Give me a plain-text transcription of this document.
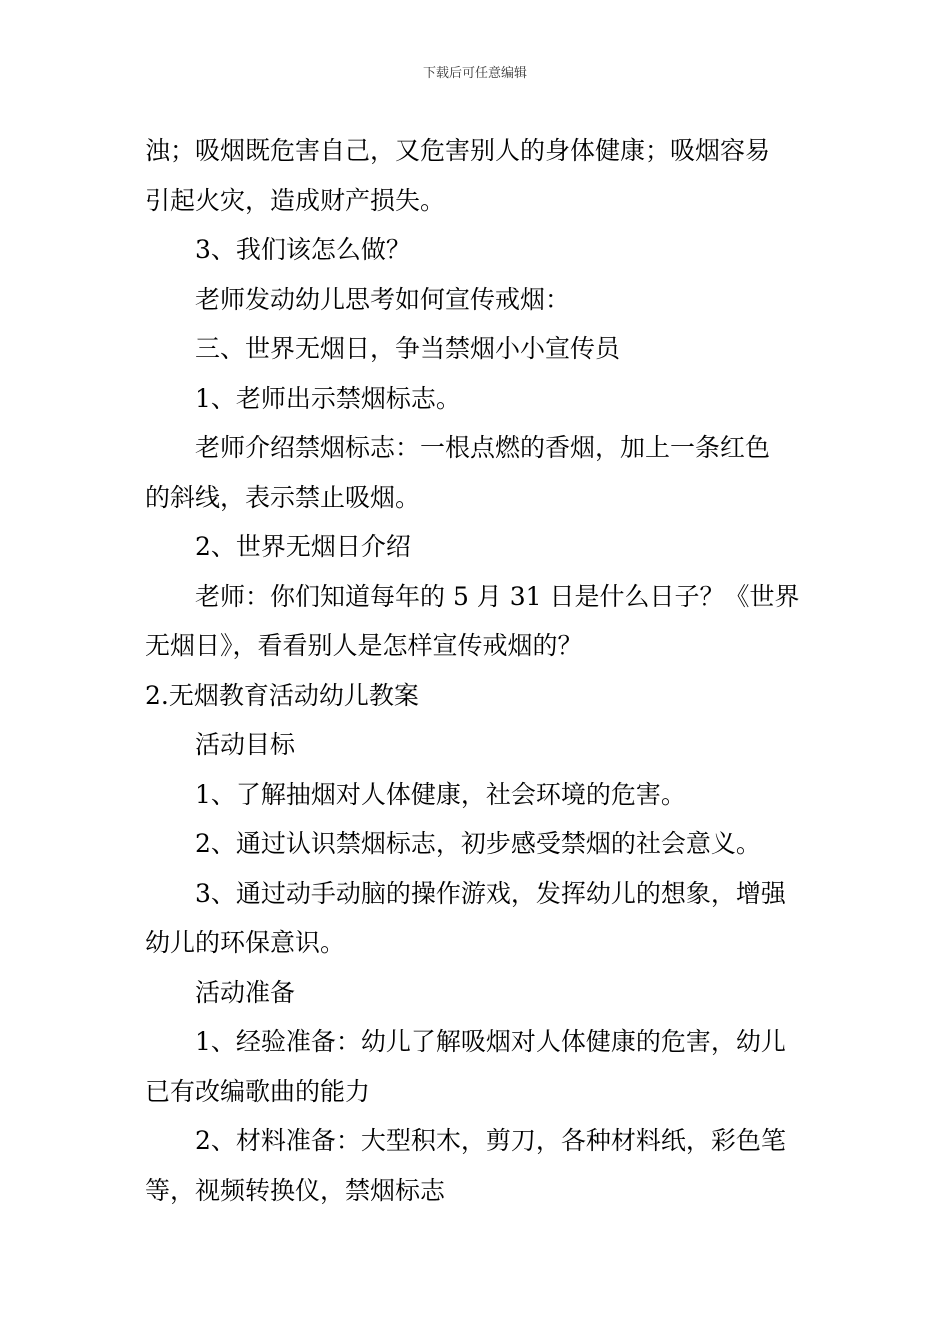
下载后可任意编辑
浊；吸烟既危害自己，又危害别人的身体健康；吸烟容易
引起火灾，造成财产损失。
3、我们该怎么做？
老师发动幼儿思考如何宣传戒烟：
三、世界无烟日，争当禁烟小小宣传员
1、老师出示禁烟标志。
老师介绍禁烟标志：一根点燃的香烟，加上一条红色
的斜线，表示禁止吸烟。
2、世界无烟日介绍
老师：你们知道每年的 5 月 31 日是什么日子？《世界
无烟日》，看看别人是怎样宣传戒烟的？
2.无烟教育活动幼儿教案
活动目标
1、了解抽烟对人体健康，社会环境的危害。
2、通过认识禁烟标志，初步感受禁烟的社会意义。
3、通过动手动脑的操作游戏，发挥幼儿的想象，增强
幼儿的环保意识。
活动准备
1、经验准备：幼儿了解吸烟对人体健康的危害，幼儿
已有改编歌曲的能力
2、材料准备：大型积木，剪刀，各种材料纸，彩色笔
等，视频转换仪，禁烟标志
